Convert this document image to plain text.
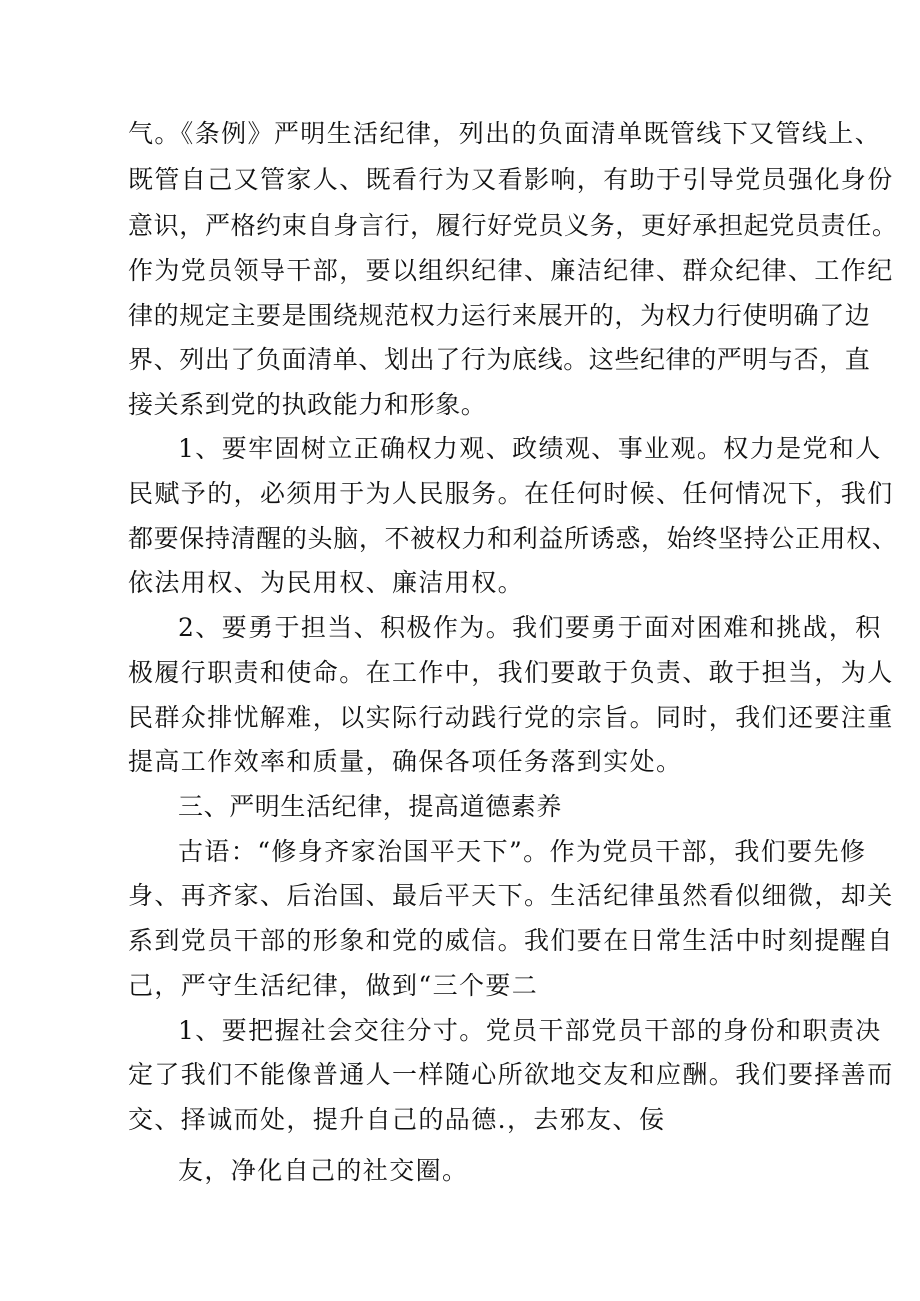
气。《条例》严明生活纪律，列出的负面清单既管线下又管线上、
既管自己又管家人、既看行为又看影响，有助于引导党员强化身份
意识，严格约束自身言行，履行好党员义务，更好承担起党员责任。
作为党员领导干部，要以组织纪律、廉洁纪律、群众纪律、工作纪
律的规定主要是围绕规范权力运行来展开的，为权力行使明确了边
界、列出了负面清单、划出了行为底线。这些纪律的严明与否，直
接关系到党的执政能力和形象。
1、要牢固树立正确权力观、政绩观、事业观。权力是党和人
民赋予的，必须用于为人民服务。在任何时候、任何情况下，我们
都要保持清醒的头脑，不被权力和利益所诱惑，始终坚持公正用权、
依法用权、为民用权、廉洁用权。
2、要勇于担当、积极作为。我们要勇于面对困难和挑战，积
极履行职责和使命。在工作中，我们要敢于负责、敢于担当，为人
民群众排忧解难，以实际行动践行党的宗旨。同时，我们还要注重
提高工作效率和质量，确保各项任务落到实处。
三、严明生活纪律，提高道德素养
古语：“修身齐家治国平天下”。作为党员干部，我们要先修
身、再齐家、后治国、最后平天下。生活纪律虽然看似细微，却关
系到党员干部的形象和党的威信。我们要在日常生活中时刻提醒自
己，严守生活纪律，做到“三个要二
1、要把握社会交往分寸。党员干部党员干部的身份和职责决
定了我们不能像普通人一样随心所欲地交友和应酬。我们要择善而
交、择诚而处，提升自己的品德.，去邪友、佞
友，净化自己的社交圈。
